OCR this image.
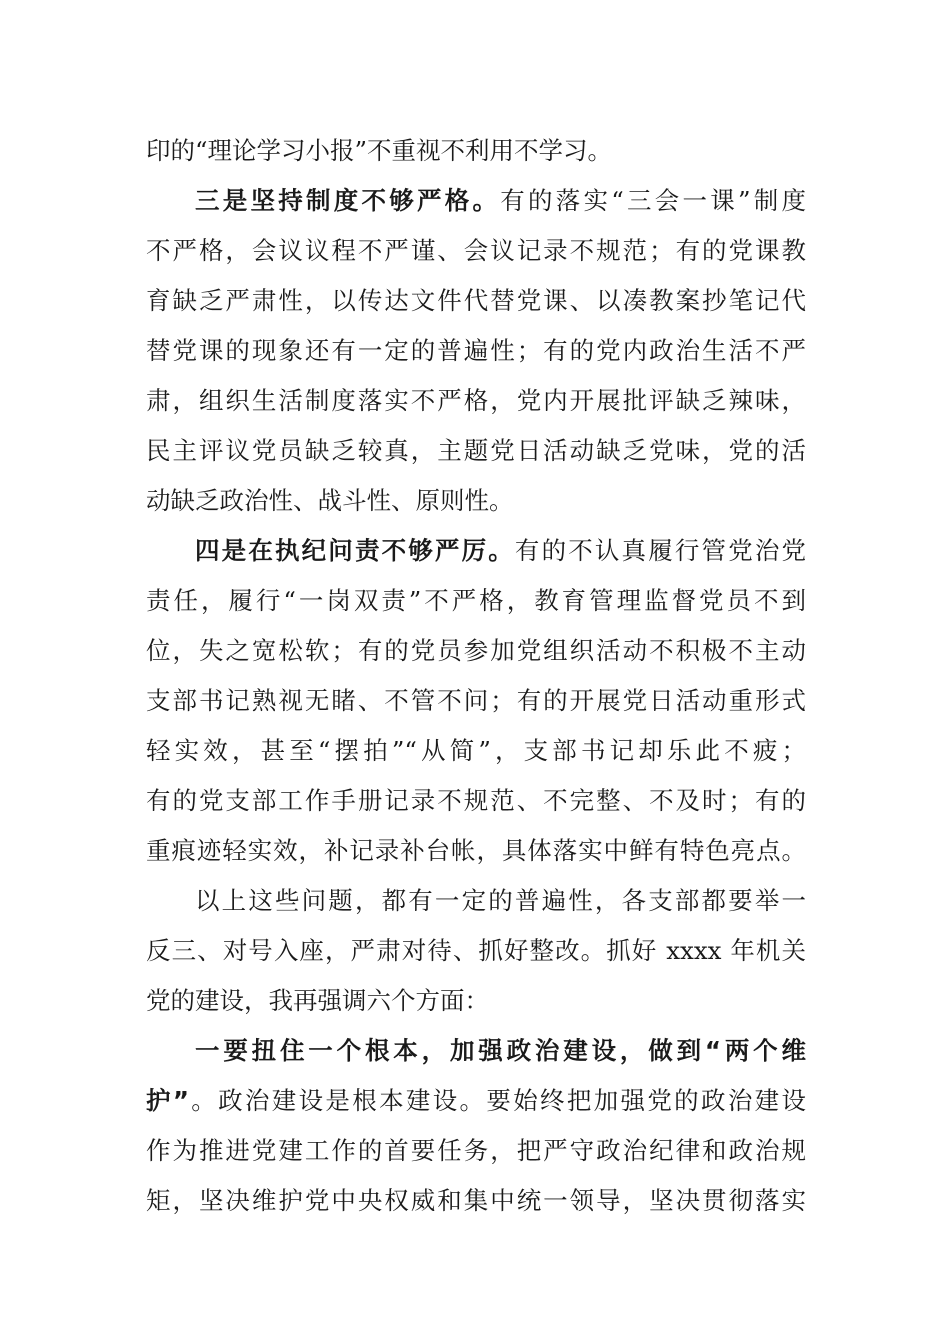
印的“理论学习小报”不重视不利用不学习。
三是坚持制度不够严格。有的落实“三会一课”制度
不严格，会议议程不严谨、会议记录不规范；有的党课教
育缺乏严肃性，以传达文件代替党课、以凑教案抄笔记代
替党课的现象还有一定的普遍性；有的党内政治生活不严
肃，组织生活制度落实不严格，党内开展批评缺乏辣味，
民主评议党员缺乏较真，主题党日活动缺乏党味，党的活
动缺乏政治性、战斗性、原则性。
四是在执纪问责不够严厉。有的不认真履行管党治党
责任，履行“一岗双责”不严格，教育管理监督党员不到
位，失之宽松软；有的党员参加党组织活动不积极不主动
支部书记熟视无睹、不管不问；有的开展党日活动重形式
轻实效，甚至“摆拍”“从简”，支部书记却乐此不疲；
有的党支部工作手册记录不规范、不完整、不及时；有的
重痕迹轻实效，补记录补台帐，具体落实中鲜有特色亮点。
以上这些问题，都有一定的普遍性，各支部都要举一
反三、对号入座，严肃对待、抓好整改。抓好 xxxx 年机关
党的建设，我再强调六个方面：
一要扭住一个根本，加强政治建设，做到“两个维
护”。政治建设是根本建设。要始终把加强党的政治建设
作为推进党建工作的首要任务，把严守政治纪律和政治规
矩，坚决维护党中央权威和集中统一领导，坚决贯彻落实
